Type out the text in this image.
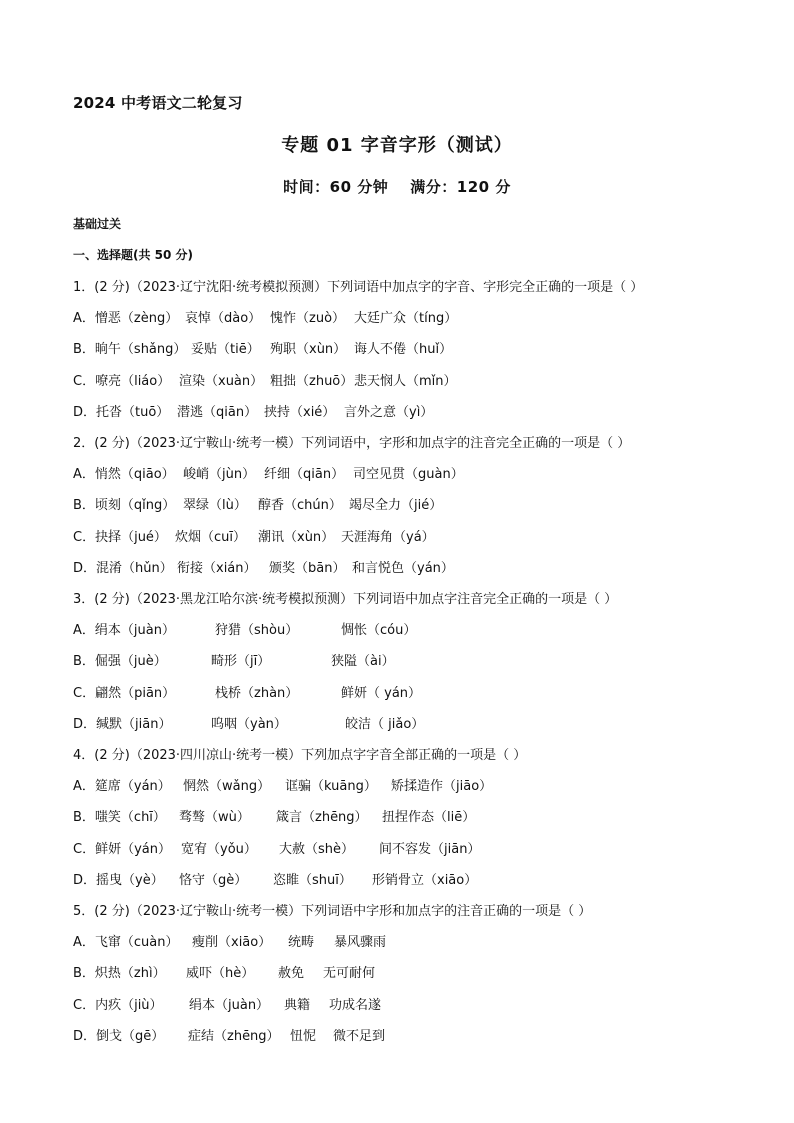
2024 中考语文二轮复习
专题 01 字音字形（测试）
时间：60 分钟 满分：120 分
基础过关
一、选择题(共 50 分)
1．(2 分)（2023·辽宁沈阳·统考模拟预测）下列词语中加点字的字音、字形完全正确的一项是（ ）
A．憎恶（zèng） 哀悼（dào） 愧怍（zuò） 大廷广众（tíng）
B．晌午（shǎng） 妥贴（tiē） 殉职（xùn） 诲人不倦（huǐ）
C．嘹亮（liáo） 渲染（xuàn） 粗拙（zhuō） 悲天悯人（mǐn）
D．托沓（tuō） 潜逃（qiān） 挟持（xié） 言外之意（yì）
2．(2 分)（2023·辽宁鞍山·统考一模）下列词语中，字形和加点字的注音完全正确的一项是（ ）
A．悄然（qiāo） 峻峭（jùn） 纤细（qiān） 司空见贯（guàn）
B．顷刻（qǐng） 翠绿（lù） 醇香（chún） 竭尽全力（jié）
C．抉择（jué） 炊烟（cuī） 潮讯（xùn） 天涯海角（yá）
D．混淆（hǔn） 衔接（xián） 颁奖（bān） 和言悦色（yán）
3．(2 分)（2023·黑龙江哈尔滨·统考模拟预测）下列词语中加点字注音完全正确的一项是（ ）
A．绢本（juàn）	狩猎（shòu）	惆怅（cóu）
B．倔强（juè）	畸形（jī）	狭隘（ài）
C．翩然（piān）	栈桥（zhàn）	鲜妍（ yán）
D．缄默（jiān）	呜咽（yàn）	皎洁（ jiǎo）
4．(2 分)（2023·四川凉山·统考一模）下列加点字字音全部正确的一项是（ ）
A．筵席（yán） 惘然（wǎng） 诓骗（kuāng） 矫揉造作（jiāo）
B．嗤笑（chī） 骛骜（wù） 箴言（zhēng） 扭捏作态（liē）
C．鲜妍（yán） 宽宥（yǒu） 大赦（shè） 间不容发（jiān）
D．摇曳（yè） 恪守（gè） 恣睢（shuī） 形销骨立（xiāo）
5．(2 分)（2023·辽宁鞍山·统考一模）下列词语中字形和加点字的注音正确的一项是（ ）
A．飞窜（cuàn） 瘦削（xiāo） 统畴 暴风骤雨
B．炽热（zhì） 威吓（hè） 赦免 无可耐何
C．内疚（jiù） 绢本（juàn） 典籍 功成名遂
D．倒戈（gē） 症结（zhēng） 忸怩 微不足到
